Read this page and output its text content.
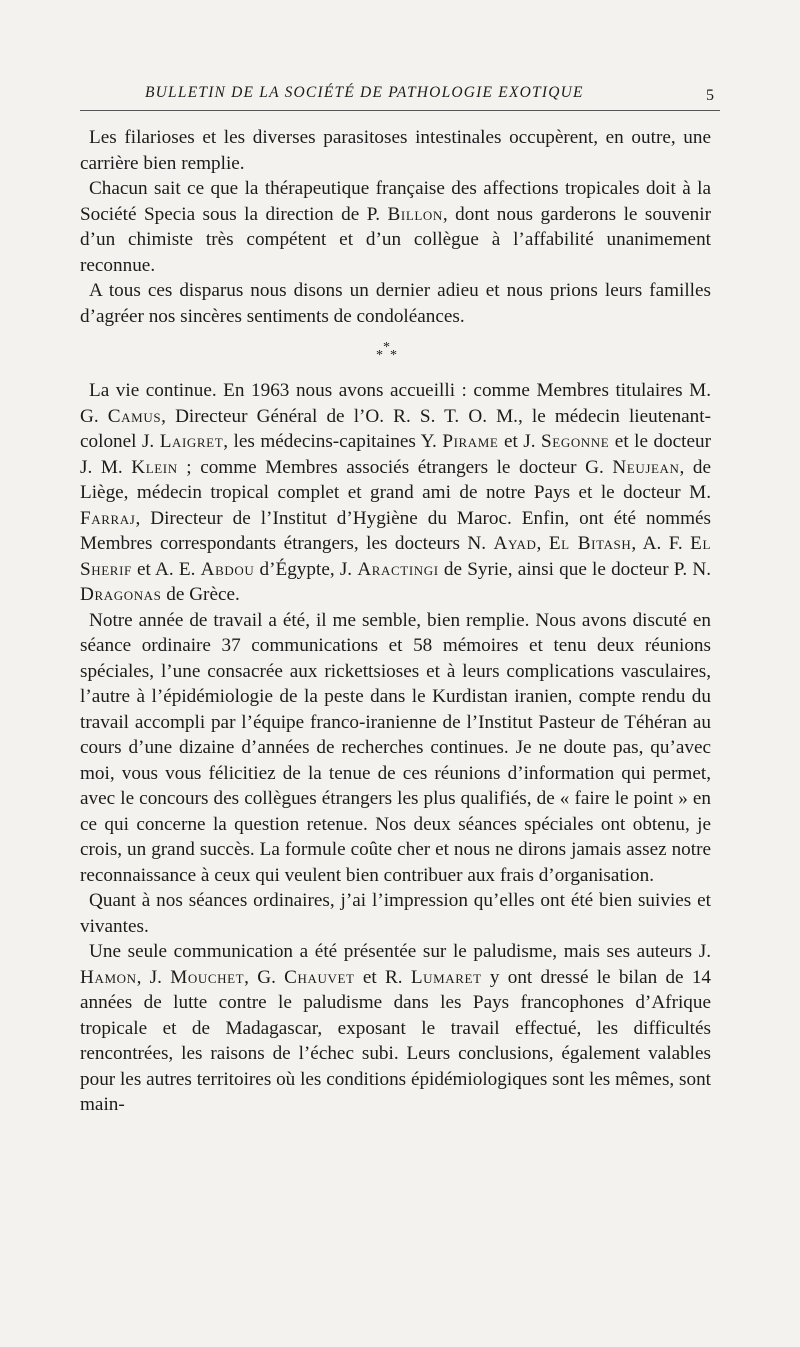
BULLETIN DE LA SOCIÉTÉ DE PATHOLOGIE EXOTIQUE	5

Les filarioses et les diverses parasitoses intestinales occupèrent, en outre, une carrière bien remplie.

Chacun sait ce que la thérapeutique française des affections tropicales doit à la Société Specia sous la direction de P. Billon, dont nous garderons le souvenir d’un chimiste très compétent et d’un collègue à l’affabilité unanimement reconnue.

A tous ces disparus nous disons un dernier adieu et nous prions leurs familles d’agréer nos sincères sentiments de condoléances.

*
* *

La vie continue. En 1963 nous avons accueilli : comme Membres titulaires M. G. Camus, Directeur Général de l’O. R. S. T. O. M., le médecin lieutenant-colonel J. Laigret, les médecins-capitaines Y. Pirame et J. Segonne et le docteur J. M. Klein ; comme Membres associés étrangers le docteur G. Neujean, de Liège, médecin tropical complet et grand ami de notre Pays et le docteur M. Farraj, Directeur de l’Institut d’Hygiène du Maroc. Enfin, ont été nommés Membres correspondants étrangers, les docteurs N. Ayad, El Bitash, A. F. El Sherif et A. E. Abdou d’Égypte, J. Aractingi de Syrie, ainsi que le docteur P. N. Dragonas de Grèce.

Notre année de travail a été, il me semble, bien remplie. Nous avons discuté en séance ordinaire 37 communications et 58 mémoires et tenu deux réunions spéciales, l’une consacrée aux rickettsioses et à leurs complications vasculaires, l’autre à l’épidémiologie de la peste dans le Kurdistan iranien, compte rendu du travail accompli par l’équipe franco-iranienne de l’Institut Pasteur de Téhéran au cours d’une dizaine d’années de recherches continues. Je ne doute pas, qu’avec moi, vous vous félicitiez de la tenue de ces réunions d’information qui permet, avec le concours des collègues étrangers les plus qualifiés, de « faire le point » en ce qui concerne la question retenue. Nos deux séances spéciales ont obtenu, je crois, un grand succès. La formule coûte cher et nous ne dirons jamais assez notre reconnaissance à ceux qui veulent bien contribuer aux frais d’organisation.

Quant à nos séances ordinaires, j’ai l’impression qu’elles ont été bien suivies et vivantes.

Une seule communication a été présentée sur le paludisme, mais ses auteurs J. Hamon, J. Mouchet, G. Chauvet et R. Lumaret y ont dressé le bilan de 14 années de lutte contre le paludisme dans les Pays francophones d’Afrique tropicale et de Madagascar, exposant le travail effectué, les difficultés rencontrées, les raisons de l’échec subi. Leurs conclusions, également valables pour les autres territoires où les conditions épidémiologiques sont les mêmes, sont main-
